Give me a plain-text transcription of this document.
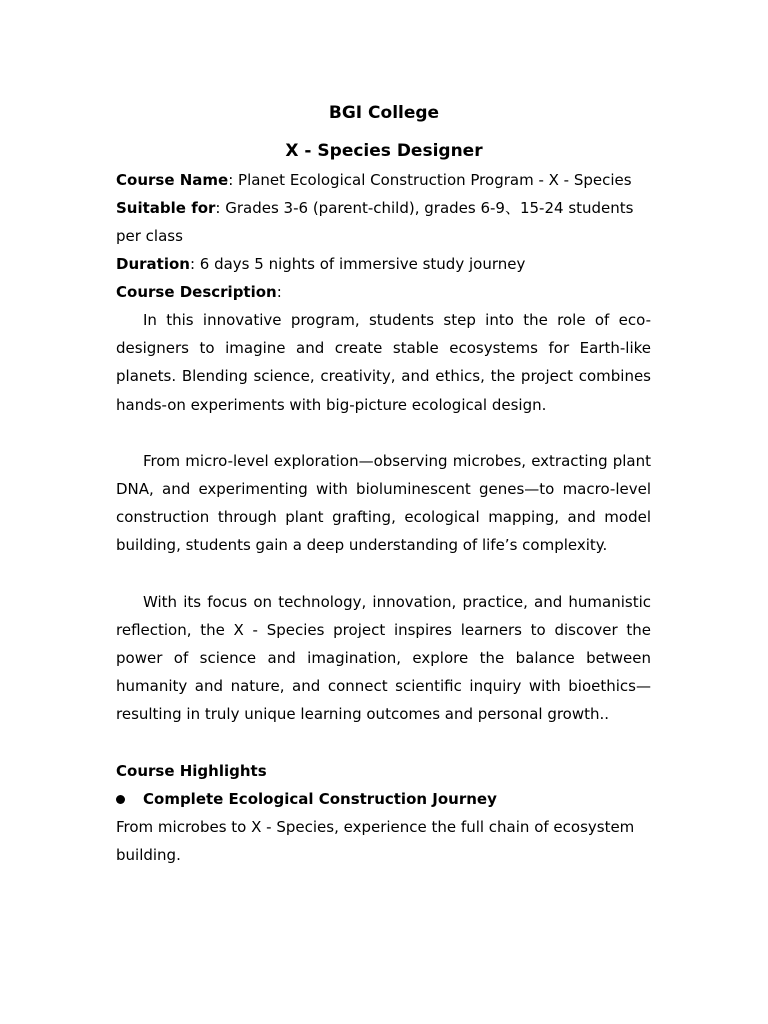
BGI College
X - Species Designer
Course Name: Planet Ecological Construction Program - X - Species
Suitable for: Grades 3-6 (parent-child), grades 6-9、15-24 students per class
Duration: 6 days 5 nights of immersive study journey
Course Description:

In this innovative program, students step into the role of eco-designers to imagine and create stable ecosystems for Earth-like planets. Blending science, creativity, and ethics, the project combines hands-on experiments with big-picture ecological design.

From micro-level exploration—observing microbes, extracting plant DNA, and experimenting with bioluminescent genes—to macro-level construction through plant grafting, ecological mapping, and model building, students gain a deep understanding of life’s complexity.

With its focus on technology, innovation, practice, and humanistic reflection, the X - Species project inspires learners to discover the power of science and imagination, explore the balance between humanity and nature, and connect scientific inquiry with bioethics—resulting in truly unique learning outcomes and personal growth..

Course Highlights
Complete Ecological Construction Journey

From microbes to X - Species, experience the full chain of ecosystem building.
